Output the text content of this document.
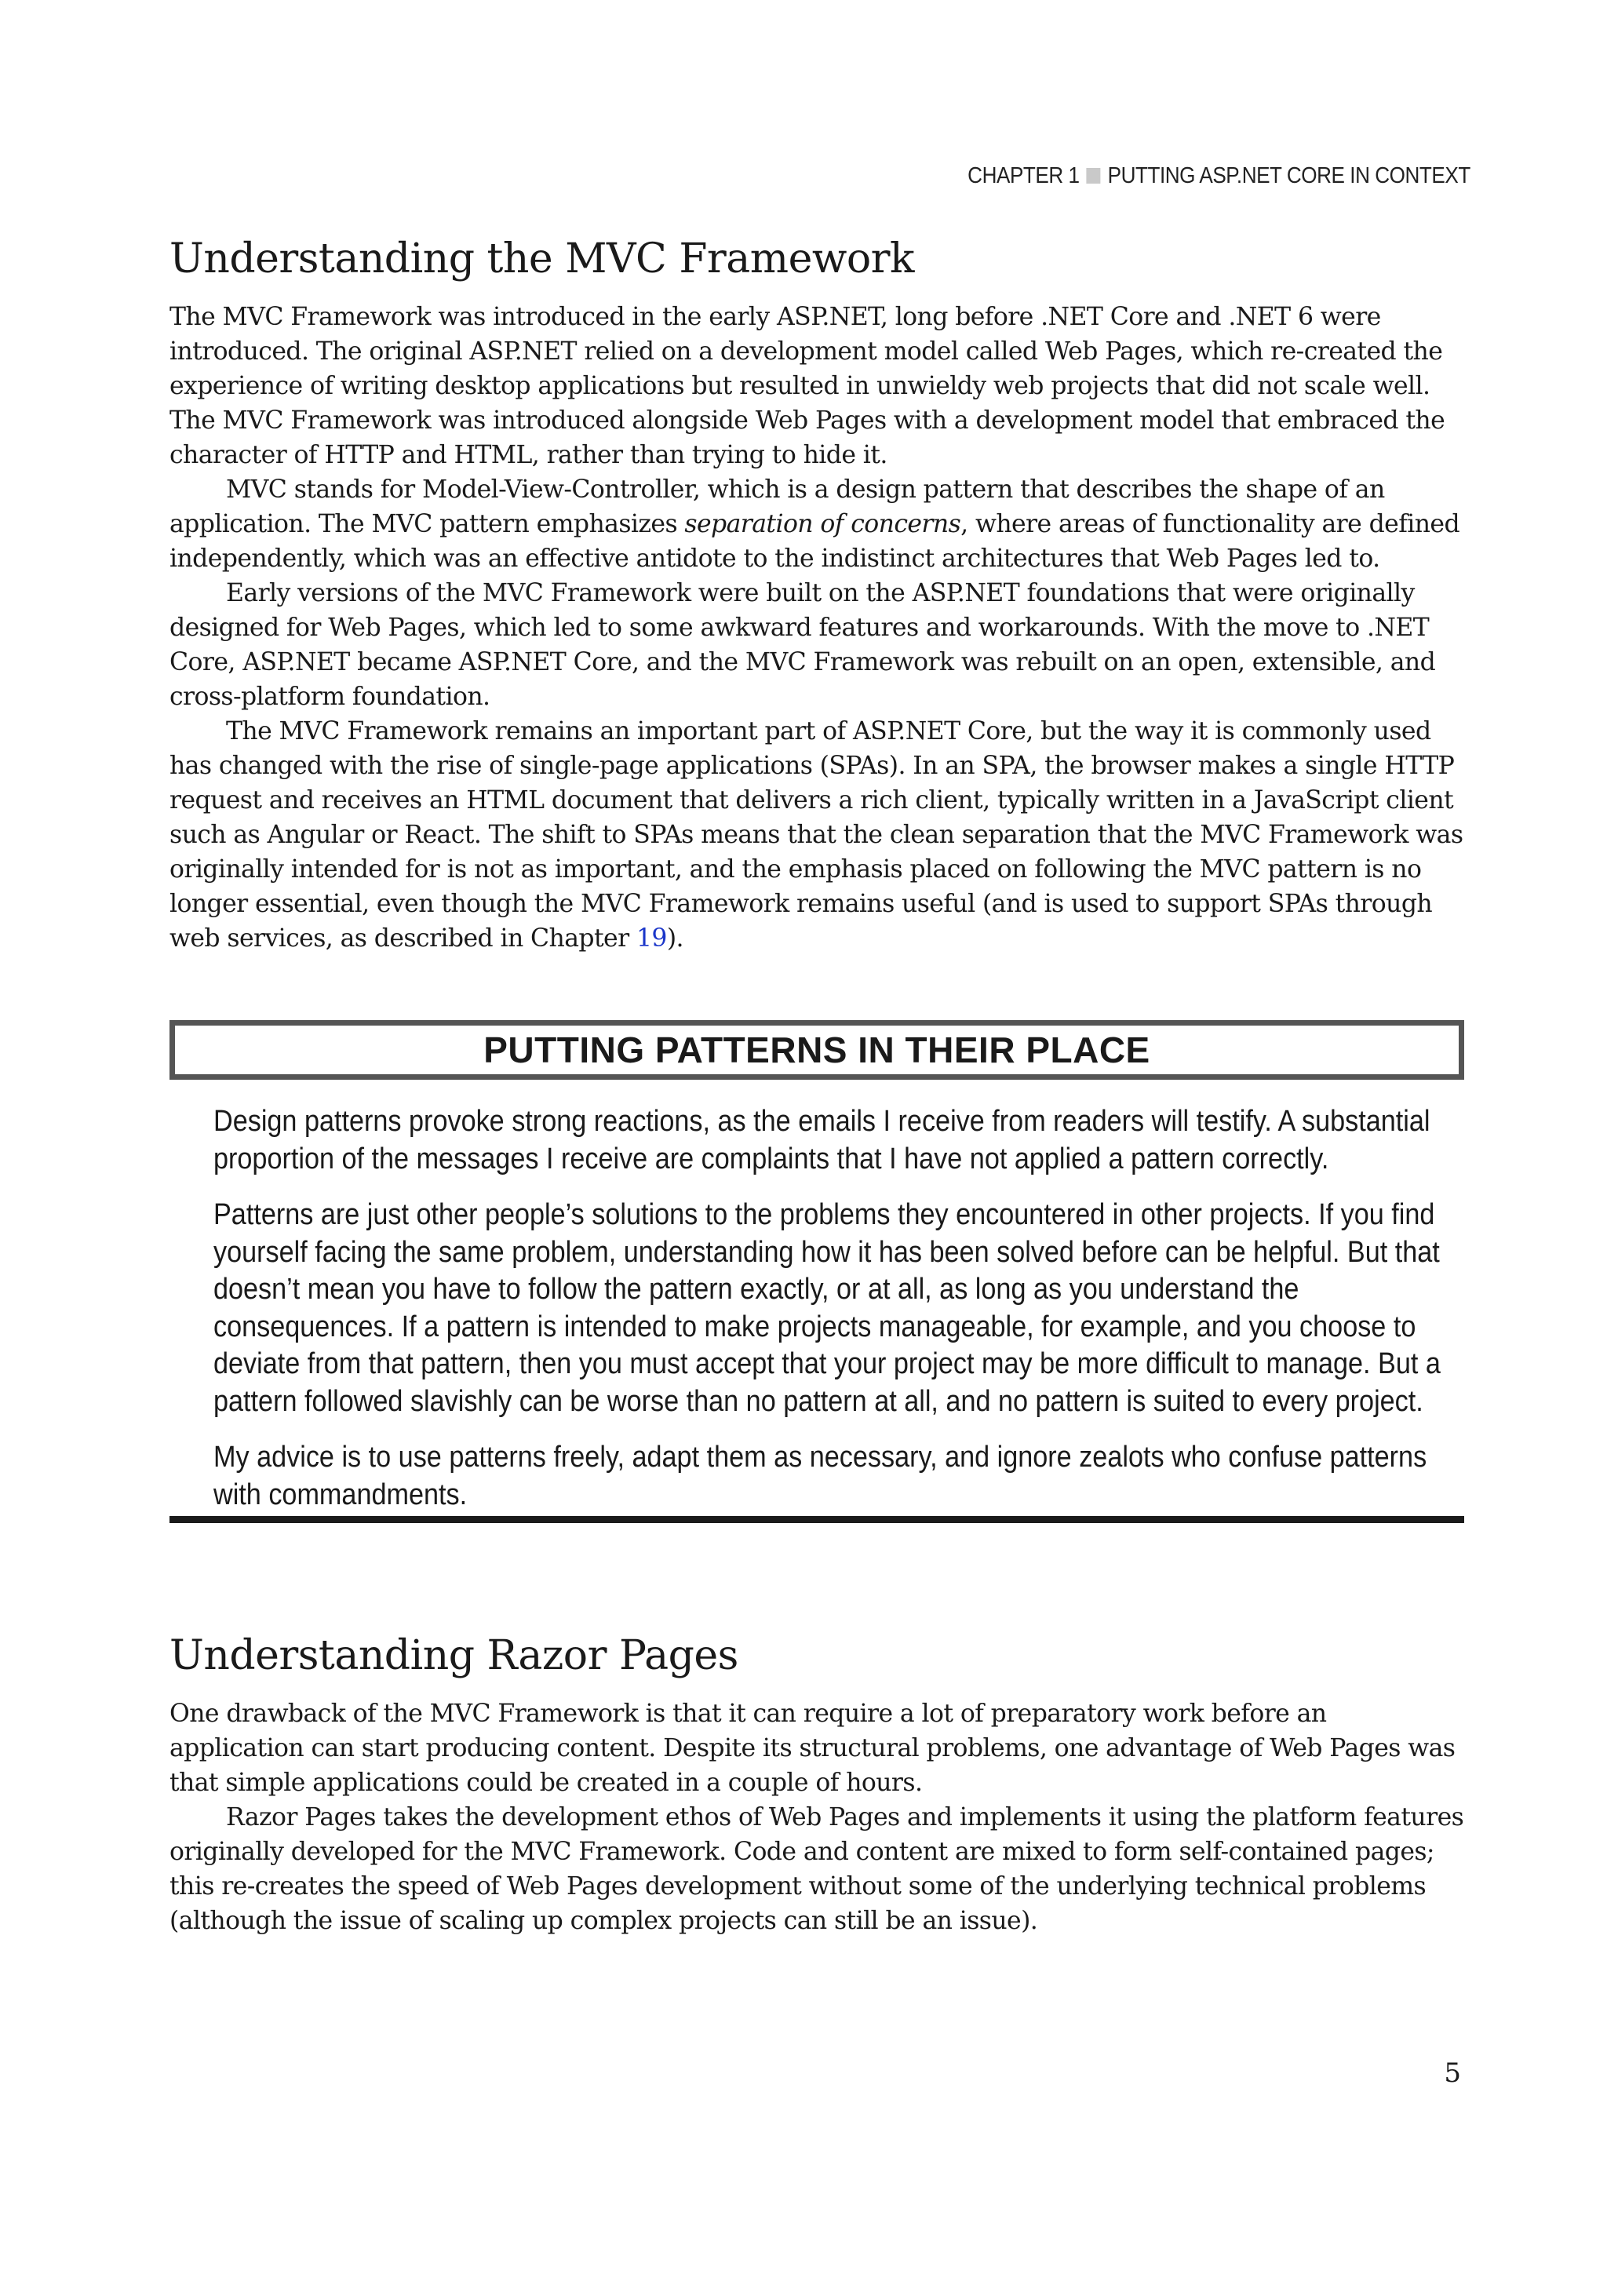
CHAPTER 1 PUTTING ASP.NET CORE IN CONTEXT
Understanding the MVC Framework

The MVC Framework was introduced in the early ASP.NET, long before .NET Core and .NET 6 were introduced. The original ASP.NET relied on a development model called Web Pages, which re-created the experience of writing desktop applications but resulted in unwieldy web projects that did not scale well. The MVC Framework was introduced alongside Web Pages with a development model that embraced the character of HTTP and HTML, rather than trying to hide it.

MVC stands for Model-View-Controller, which is a design pattern that describes the shape of an application. The MVC pattern emphasizes separation of concerns, where areas of functionality are defined independently, which was an effective antidote to the indistinct architectures that Web Pages led to.

Early versions of the MVC Framework were built on the ASP.NET foundations that were originally designed for Web Pages, which led to some awkward features and workarounds. With the move to .NET Core, ASP.NET became ASP.NET Core, and the MVC Framework was rebuilt on an open, extensible, and cross-platform foundation.

The MVC Framework remains an important part of ASP.NET Core, but the way it is commonly used has changed with the rise of single-page applications (SPAs). In an SPA, the browser makes a single HTTP request and receives an HTML document that delivers a rich client, typically written in a JavaScript client such as Angular or React. The shift to SPAs means that the clean separation that the MVC Framework was originally intended for is not as important, and the emphasis placed on following the MVC pattern is no longer essential, even though the MVC Framework remains useful (and is used to support SPAs through web services, as described in Chapter 19).

PUTTING PATTERNS IN THEIR PLACE

Design patterns provoke strong reactions, as the emails I receive from readers will testify. A substantial proportion of the messages I receive are complaints that I have not applied a pattern correctly.

Patterns are just other people’s solutions to the problems they encountered in other projects. If you find yourself facing the same problem, understanding how it has been solved before can be helpful. But that doesn’t mean you have to follow the pattern exactly, or at all, as long as you understand the consequences. If a pattern is intended to make projects manageable, for example, and you choose to deviate from that pattern, then you must accept that your project may be more difficult to manage. But a pattern followed slavishly can be worse than no pattern at all, and no pattern is suited to every project.

My advice is to use patterns freely, adapt them as necessary, and ignore zealots who confuse patterns with commandments.

Understanding Razor Pages

One drawback of the MVC Framework is that it can require a lot of preparatory work before an application can start producing content. Despite its structural problems, one advantage of Web Pages was that simple applications could be created in a couple of hours.

Razor Pages takes the development ethos of Web Pages and implements it using the platform features originally developed for the MVC Framework. Code and content are mixed to form self-contained pages; this re-creates the speed of Web Pages development without some of the underlying technical problems (although the issue of scaling up complex projects can still be an issue).

5
